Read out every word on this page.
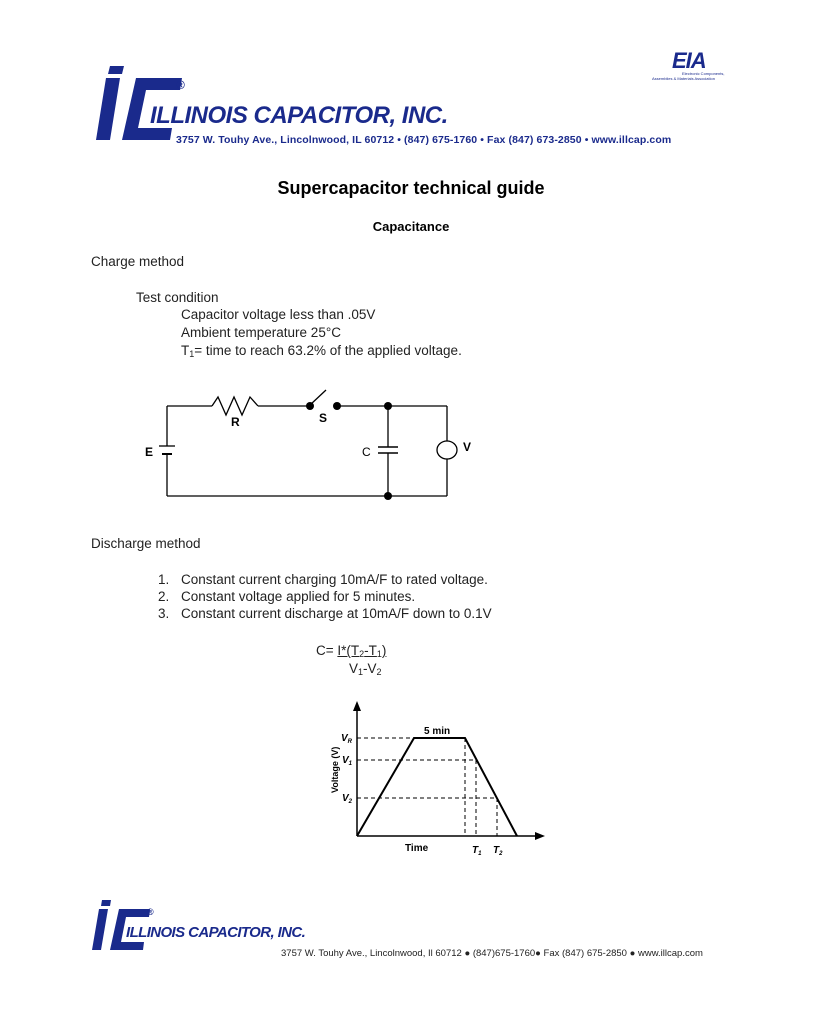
®
ILLINOIS CAPACITOR, INC.
3757 W. Touhy Ave., Lincolnwood, IL 60712 • (847) 675-1760 • Fax (847) 673-2850 • www.illcap.com
EIA
Electronic Components,
Assemblies & Materials Association
Supercapacitor technical guide
Capacitance
Charge method
Test condition
Capacitor voltage less than .05V
Ambient temperature 25°C
$T_1=$ time to reach 63.2% of the applied voltage.
R	S
E	C	V
Discharge method
1. Constant current charging 10mA/F to rated voltage.
2. Constant voltage applied for 5 minutes.
3. Constant current discharge at 10mA/F down to 0.1V
$C= I*(T_2-T_1)$
$V_1-V_2$
5 min
$V_R$
$V_1$
$V_2$
Voltage (V)
Time	$T_1$ $T_2$
®
ILLINOIS CAPACITOR, INC.
3757 W. Touhy Ave., Lincolnwood, Il 60712 ● (847)675-1760● Fax (847) 675-2850 ● www.illcap.com
